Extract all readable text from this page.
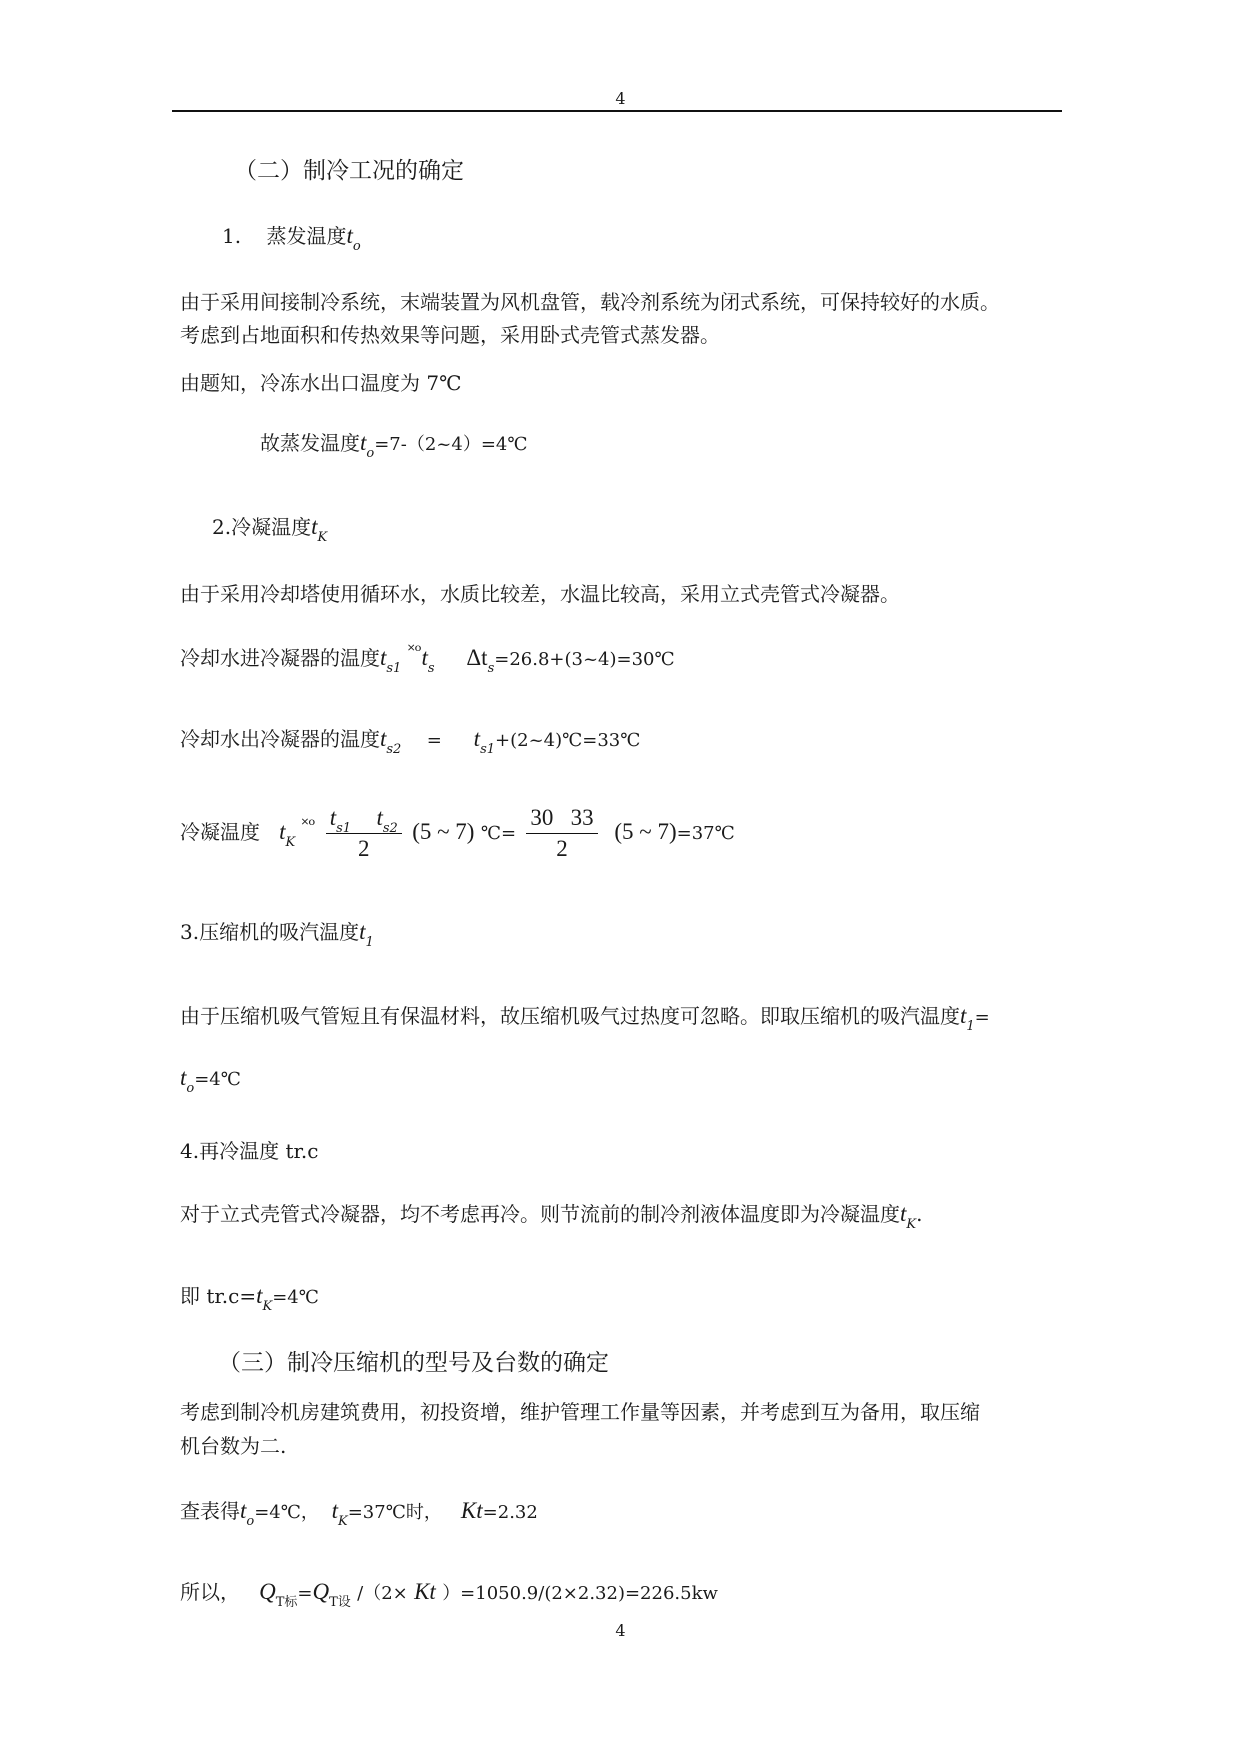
4
（二）制冷工况的确定
1. 蒸发温度$t_o$
由于采用间接制冷系统，末端装置为风机盘管，载冷剂系统为闭式系统，可保持较好的水质。
考虑到占地面积和传热效果等问题，采用卧式壳管式蒸发器。
由题知，冷冻水出口温度为 7℃
故蒸发温度$t_o=7-(2\sim 4)=4℃$
2.冷凝温度$t_K$
由于采用冷却塔使用循环水，水质比较差，水温比较高，采用立式壳管式冷凝器。
冷却水进冷凝器的温度$t_{s1}$ ˟ᵒt$_s$ $\Delta t_s=26.8+(3\sim 4)=30℃$
冷却水出冷凝器的温度$t_{s2}$ = $t_{s1}+(2\sim 4)℃=33℃$
冷凝温度 $t_K$ ˟ᵒ $\frac{t_{s1} t_{s2}}{2} (5$ ~ 7) ℃= $\frac{30 33}{2} (5$ ~ 7)=37℃
3.压缩机的吸汽温度$t_1$
由于压缩机吸气管短且有保温材料，故压缩机吸气过热度可忽略。即取压缩机的吸汽温度$t_1=$
$t_o=4℃$
4.再冷温度 tr.c
对于立式壳管式冷凝器，均不考虑再冷。则节流前的制冷剂液体温度即为冷凝温度$t_K$.
即 $tr.c=t_K=4℃$
（三）制冷压缩机的型号及台数的确定
考虑到制冷机房建筑费用，初投资增，维护管理工作量等因素，并考虑到互为备用，取压缩
机台数为二.
查表得$t_o=4℃$， $t_K=37℃$时， Kt=2.32
所以， $Q_{T标}=Q_{T设}$ /（2× Kt ）=1050.9/(2×2.32)=226.5kw
4
